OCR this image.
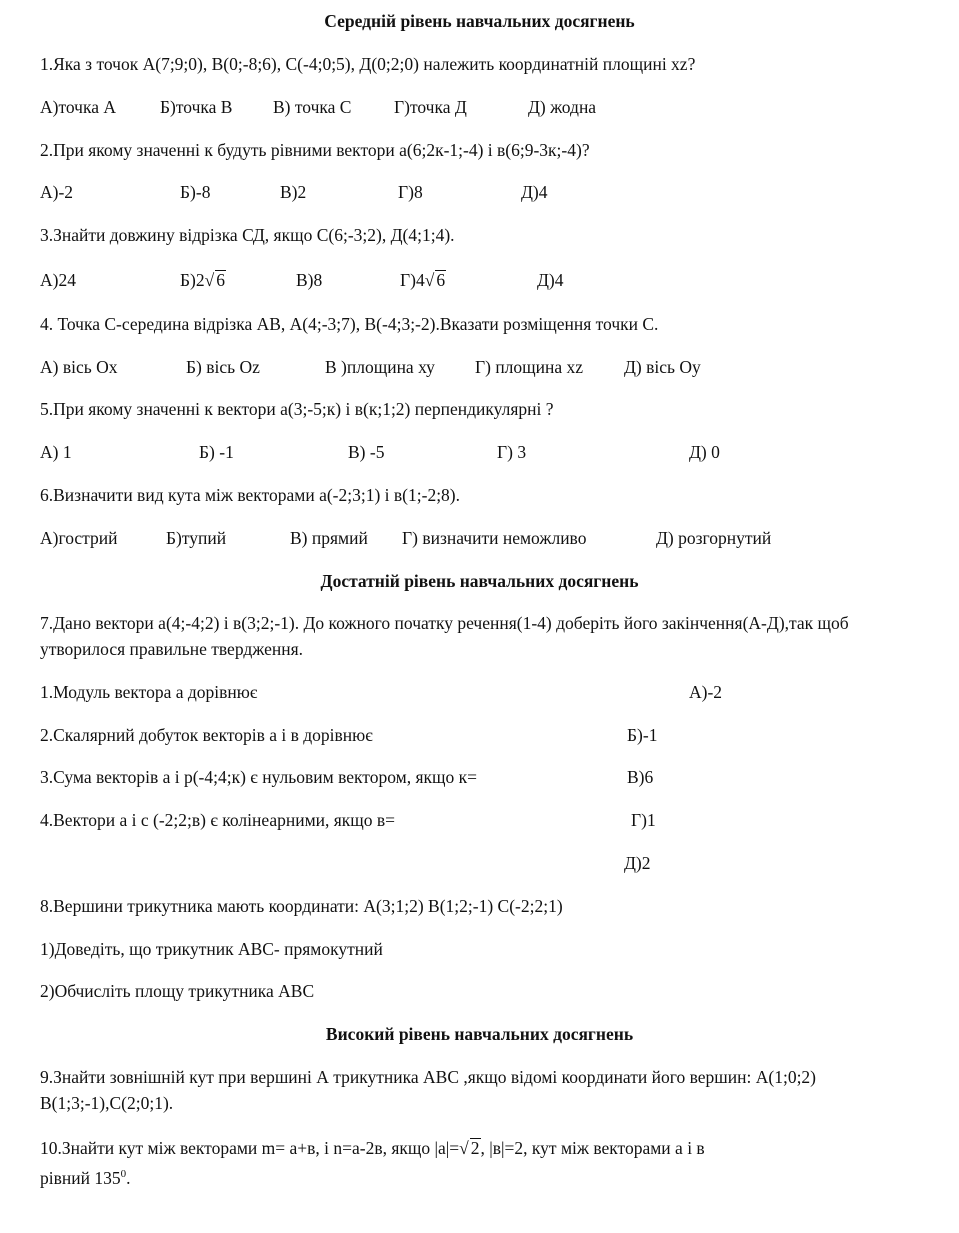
Середній рівень навчальних досягнень
1.Яка з точок А(7;9;0), В(0;-8;6), С(-4;0;5), Д(0;2;0) належить координатній площині xz?
А)точка А	Б)точка В В) точка С Г)точка Д	Д) жодна
2.При якому значенні к будуть рівними вектори а(6;2к-1;-4) і в(6;9-3к;-4)?
А)-2	Б)-8	В)2	Г)8	Д)4
3.Знайти довжину відрізка СД, якщо С(6;-3;2), Д(4;1;4).
А)24	Б)2√ 6	В)8	Г)4√ 6	Д)4
4. Точка С-середина відрізка АВ, А(4;-3;7), В(-4;3;-2).Вказати розміщення точки С.
А) вісь Ох	Б) вісь Оz	В )площина ху Г) площина xz Д) вісь Оу
5.При якому значенні к вектори а(3;-5;к) і в(к;1;2) перпендикулярні ?
А) 1	Б) -1	В) -5	Г) 3	Д) 0
6.Визначити вид кута між векторами а(-2;3;1) і в(1;-2;8).
А)гострий	Б)тупий	В) прямий Г) визначити неможливо	Д) розгорнутий
Достатній рівень навчальних досягнень
7.Дано вектори а(4;-4;2) і в(3;2;-1). До кожного початку речення(1-4) доберіть його закінчення(А-Д),так щоб утворилося правильне твердження.
1.Модуль вектора а дорівнює	А)-2
2.Скалярний добуток векторів а і в дорівнює	Б)-1
3.Сума векторів а і р(-4;4;к) є нульовим вектором, якщо к=	В)6
4.Вектори а і с (-2;2;в) є колінеарними, якщо в=	Г)1
Д)2
8.Вершини трикутника мають координати: А(3;1;2) В(1;2;-1) С(-2;2;1)
1)Доведіть, що трикутник АВС- прямокутний
2)Обчисліть площу трикутника АВС
Високий рівень навчальних досягнень
9.Знайти зовнішній кут при вершині А трикутника АВС ,якщо відомі координати його вершин: А(1;0;2) В(1;3;-1),С(2;0;1).
10.Знайти кут між векторами m= a+в, і n=a-2в, якщо |a|=√ 2, |в|=2, кут між векторами а і в
рівний $135^0$.
